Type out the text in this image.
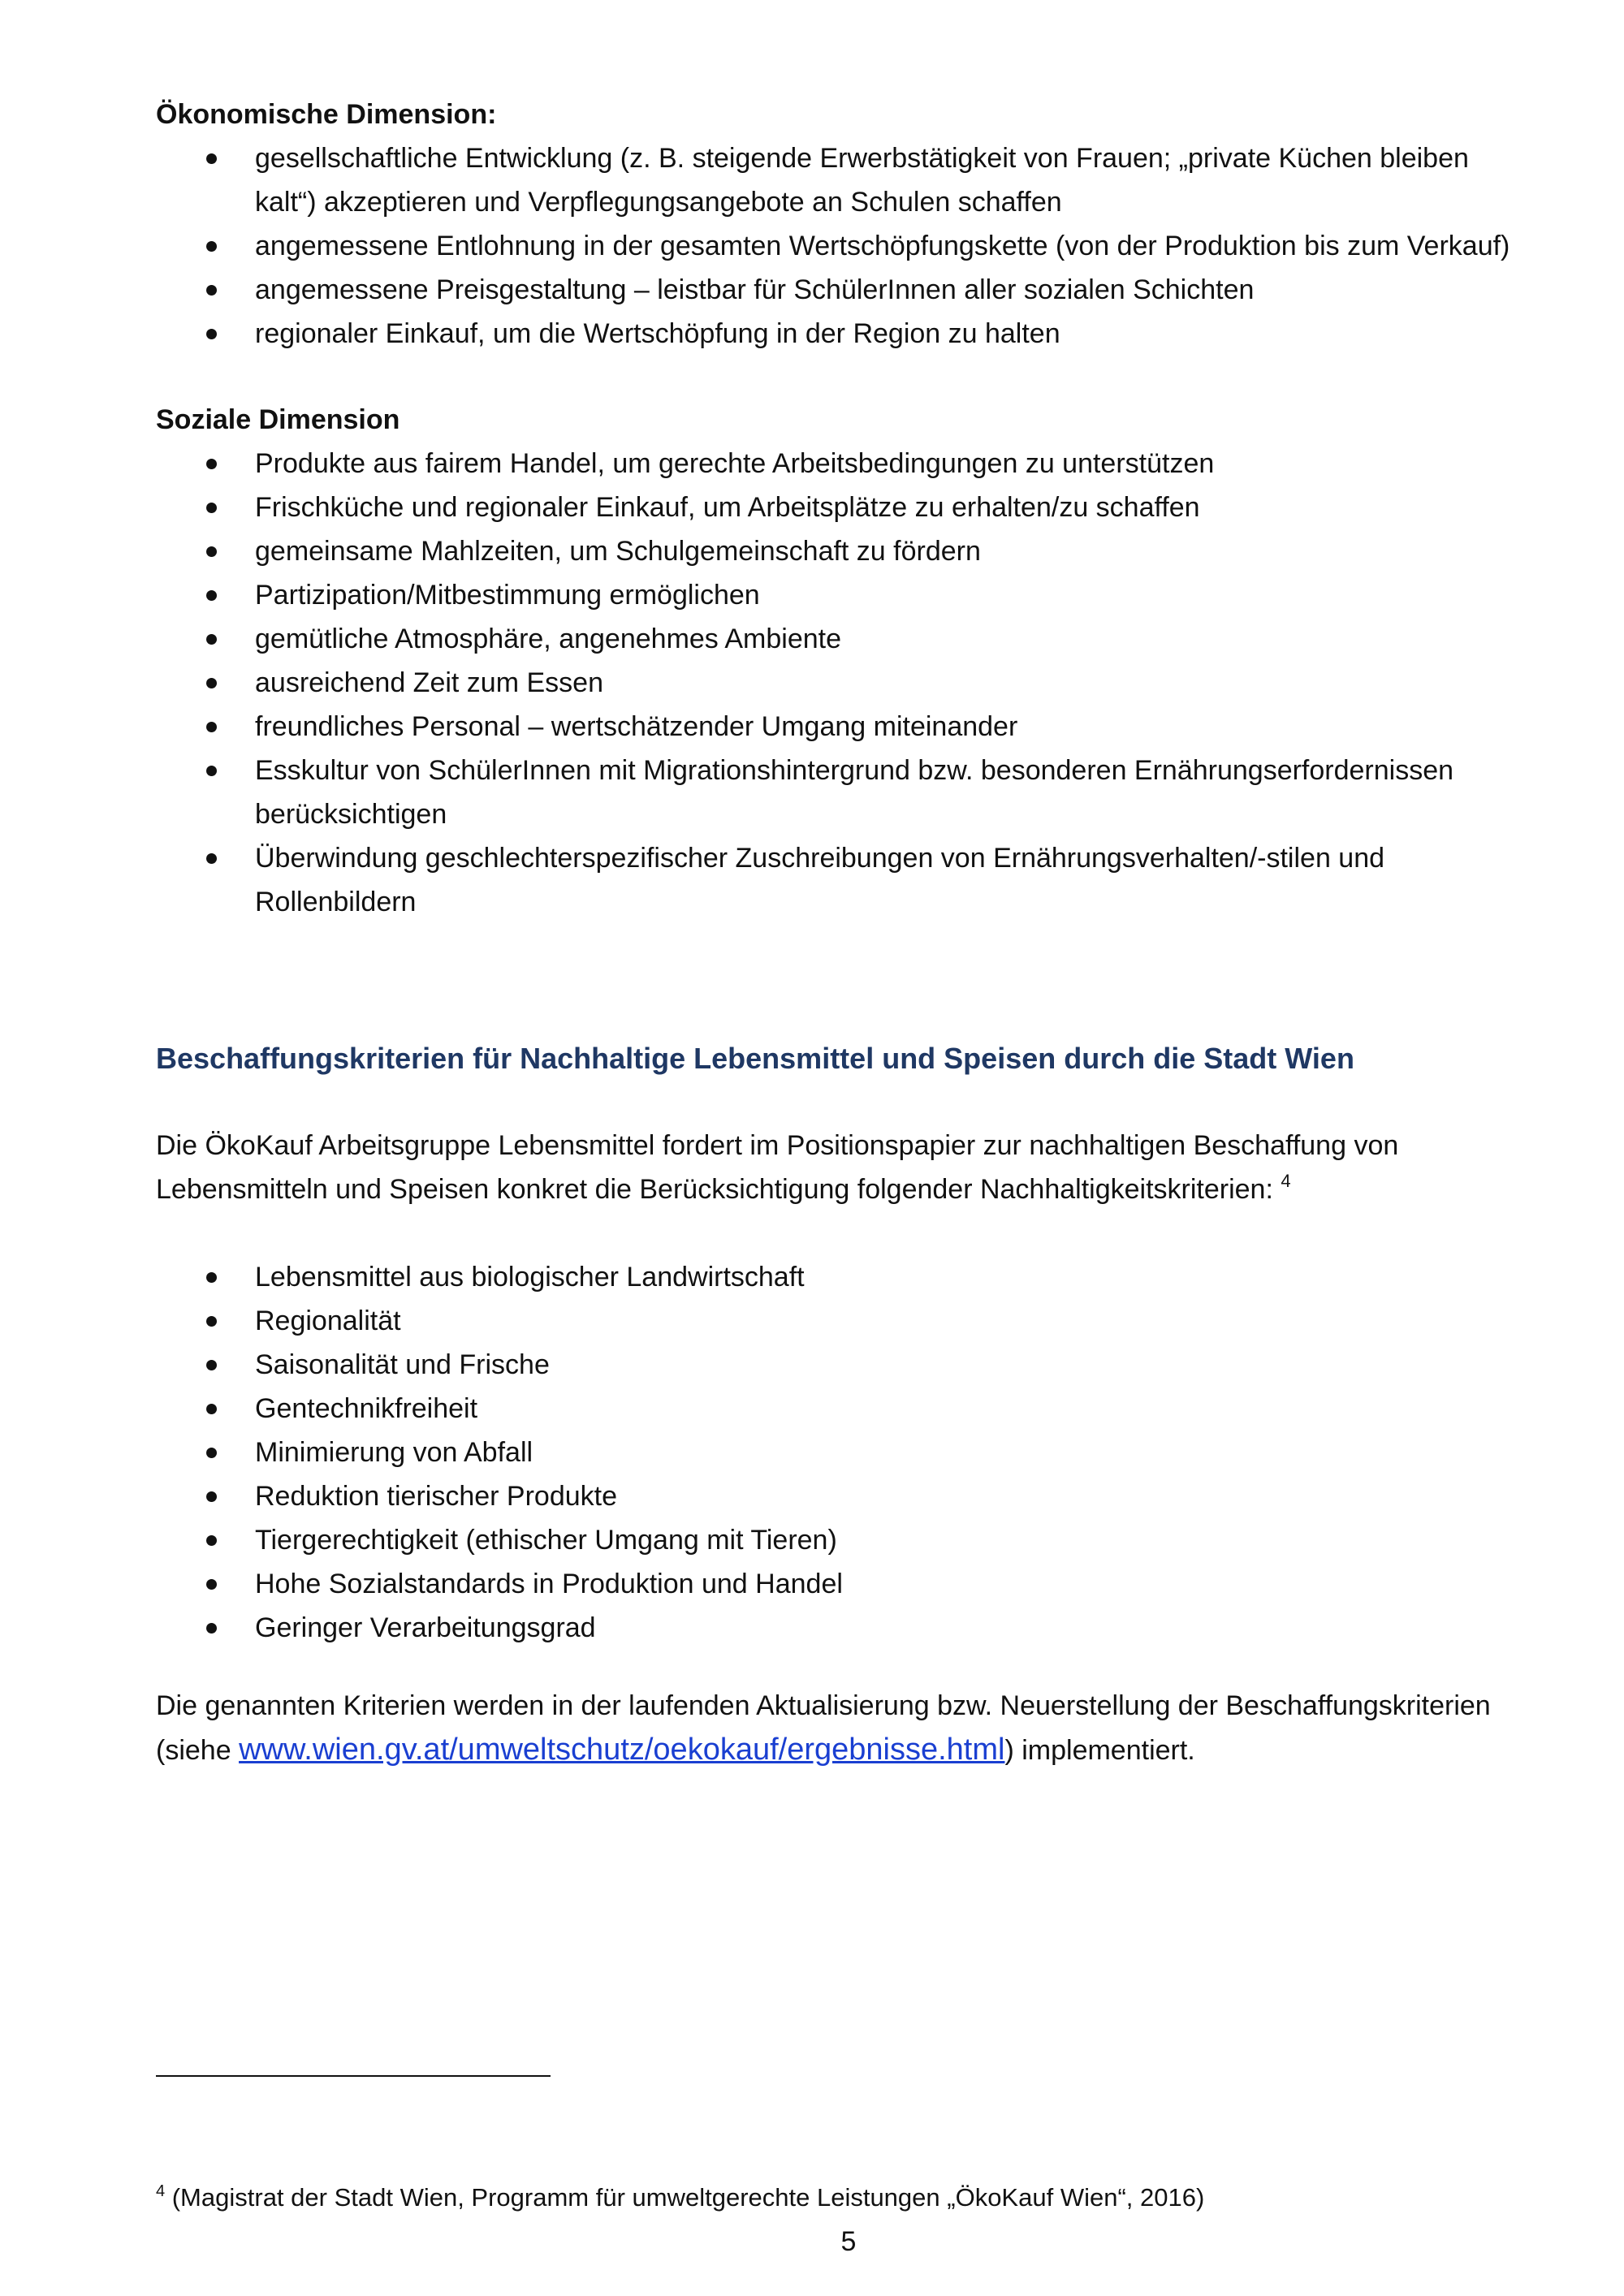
Ökonomische Dimension:

gesellschaftliche Entwicklung (z. B. steigende Erwerbstätigkeit von Frauen; „private Küchen bleiben kalt“) akzeptieren und Verpflegungsangebote an Schulen schaffen
angemessene Entlohnung in der gesamten Wertschöpfungskette (von der Produktion bis zum Verkauf)
angemessene Preisgestaltung – leistbar für SchülerInnen aller sozialen Schichten
regionaler Einkauf, um die Wertschöpfung in der Region zu halten

Soziale Dimension

Produkte aus fairem Handel, um gerechte Arbeitsbedingungen zu unterstützen
Frischküche und regionaler Einkauf, um Arbeitsplätze zu erhalten/zu schaffen
gemeinsame Mahlzeiten, um Schulgemeinschaft zu fördern
Partizipation/Mitbestimmung ermöglichen
gemütliche Atmosphäre, angenehmes Ambiente
ausreichend Zeit zum Essen
freundliches Personal – wertschätzender Umgang miteinander
Esskultur von SchülerInnen mit Migrationshintergrund bzw. besonderen Ernährungserfordernissen berücksichtigen
Überwindung geschlechterspezifischer Zuschreibungen von Ernährungsverhalten/-stilen und Rollenbildern
Beschaffungskriterien für Nachhaltige Lebensmittel und Speisen durch die Stadt Wien

Die ÖkoKauf Arbeitsgruppe Lebensmittel fordert im Positionspapier zur nachhaltigen Beschaffung von Lebensmitteln und Speisen konkret die Berücksichtigung folgender Nachhaltigkeitskriterien: $^4$

Lebensmittel aus biologischer Landwirtschaft
Regionalität
Saisonalität und Frische
Gentechnikfreiheit
Minimierung von Abfall
Reduktion tierischer Produkte
Tiergerechtigkeit (ethischer Umgang mit Tieren)
Hohe Sozialstandards in Produktion und Handel
Geringer Verarbeitungsgrad

Die genannten Kriterien werden in der laufenden Aktualisierung bzw. Neuerstellung der Beschaffungskriterien (siehe www.wien.gv.at/umweltschutz/oekokauf/ergebnisse.html) implementiert.

$^4$ (Magistrat der Stadt Wien, Programm für umweltgerechte Leistungen „ÖkoKauf Wien“, 2016)

5
